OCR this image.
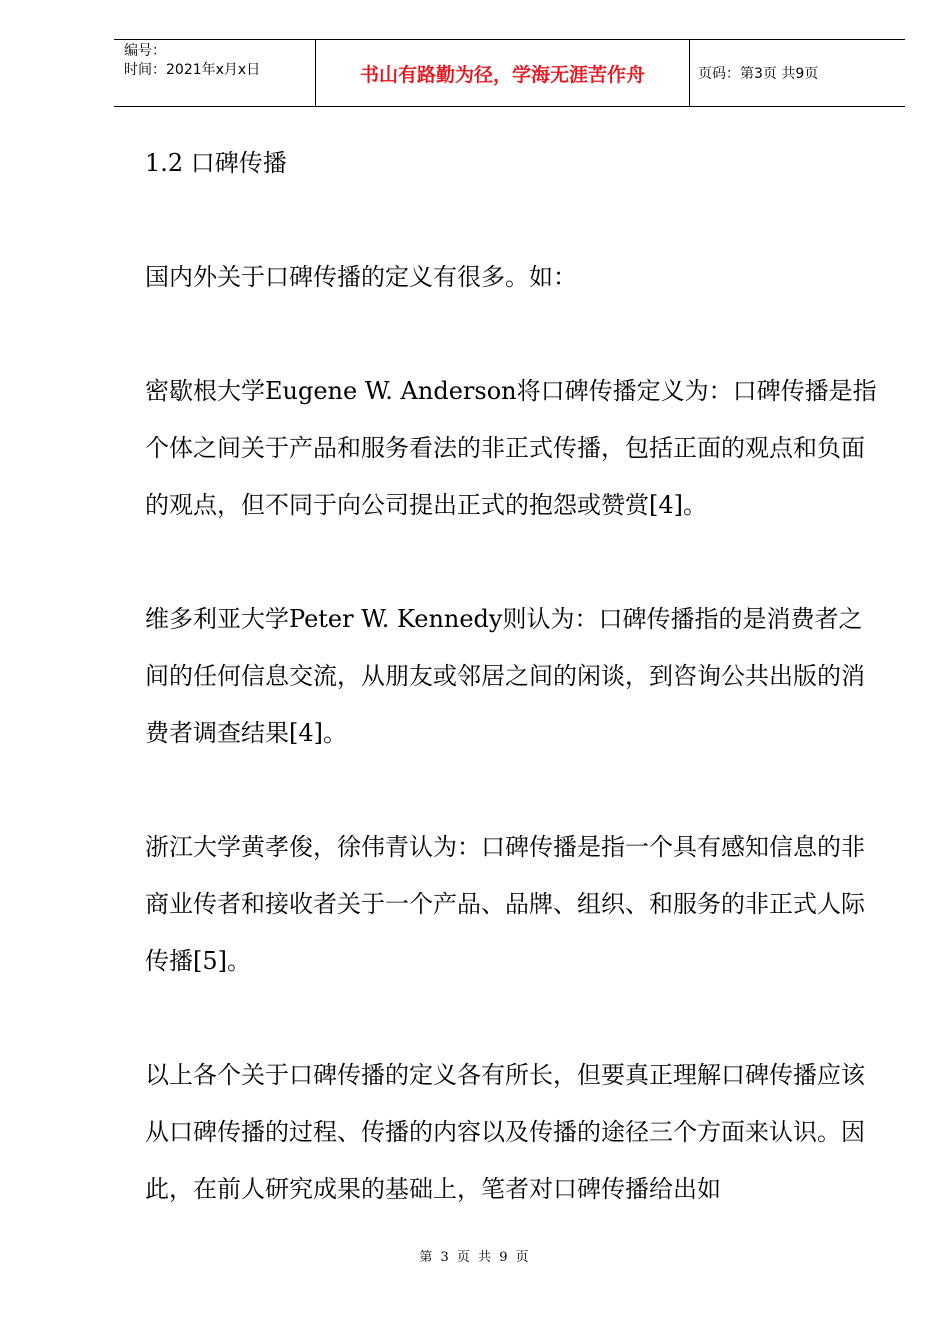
编号：
时间：2021年x月x日	书山有路勤为径，学海无涯苦作舟	页码：第3页 共9页

1.2 口碑传播

国内外关于口碑传播的定义有很多。如：

密歇根大学Eugene W. Anderson将口碑传播定义为：口碑传播是指个体之间关于产品和服务看法的非正式传播，包括正面的观点和负面的观点，但不同于向公司提出正式的抱怨或赞赏[4]。

维多利亚大学Peter W. Kennedy则认为：口碑传播指的是消费者之间的任何信息交流，从朋友或邻居之间的闲谈，到咨询公共出版的消费者调查结果[4]。

浙江大学黄孝俊，徐伟青认为：口碑传播是指一个具有感知信息的非商业传者和接收者关于一个产品、品牌、组织、和服务的非正式人际传播[5]。

以上各个关于口碑传播的定义各有所长，但要真正理解口碑传播应该从口碑传播的过程、传播的内容以及传播的途径三个方面来认识。因此，在前人研究成果的基础上，笔者对口碑传播给出如

第 3 页 共 9 页
